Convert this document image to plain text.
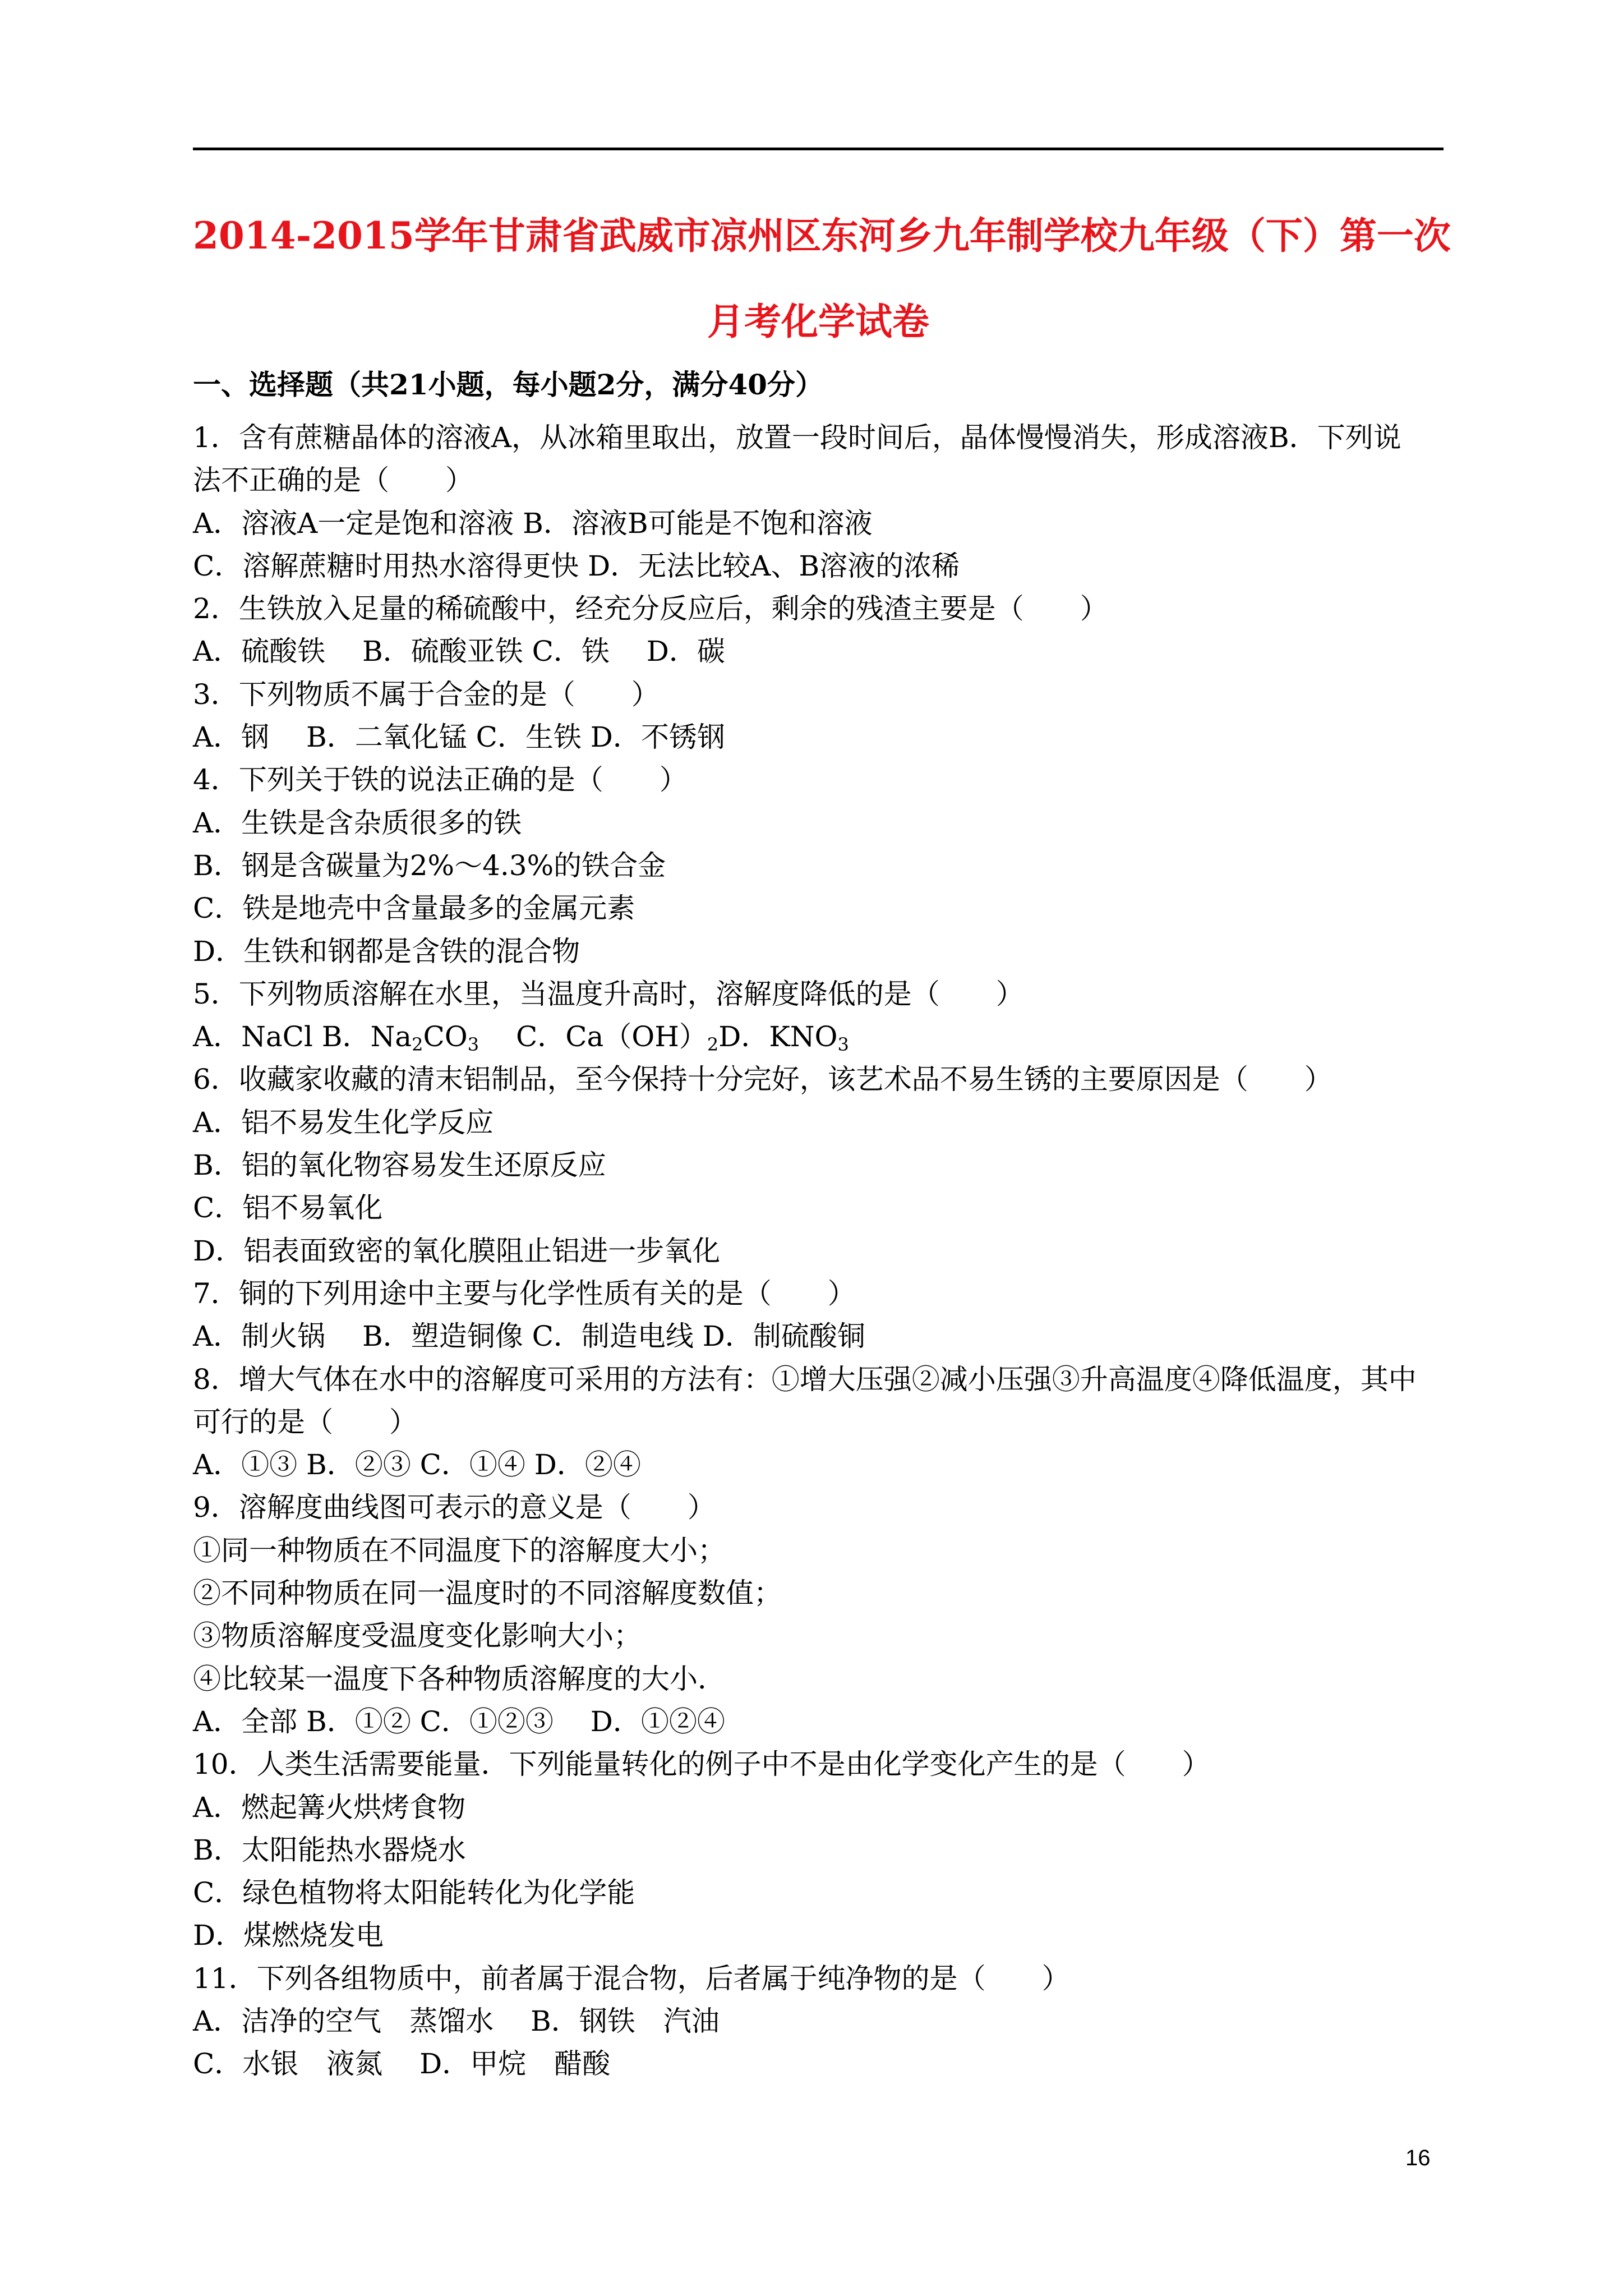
2014-2015学年甘肃省武威市凉州区东河乡九年制学校九年级（下）第一次
月考化学试卷
一、选择题（共21小题，每小题2分，满分40分）
1．含有蔗糖晶体的溶液A，从冰箱里取出，放置一段时间后，晶体慢慢消失，形成溶液B．下列说
法不正确的是（　　）
A．溶液A一定是饱和溶液 B．溶液B可能是不饱和溶液
C．溶解蔗糖时用热水溶得更快 D．无法比较A、B溶液的浓稀
2．生铁放入足量的稀硫酸中，经充分反应后，剩余的残渣主要是（　　）
A．硫酸铁　 B．硫酸亚铁 C．铁　 D．碳
3．下列物质不属于合金的是（　　）
A．钢　 B．二氧化锰 C．生铁 D．不锈钢
4．下列关于铁的说法正确的是（　　）
A．生铁是含杂质很多的铁
B．钢是含碳量为2%～4.3%的铁合金
C．铁是地壳中含量最多的金属元素
D．生铁和钢都是含铁的混合物
5．下列物质溶解在水里，当温度升高时，溶解度降低的是（　　）
A．NaCl B．$Na_2CO_3$　 C．$Ca(OH)_2D$．$KNO_3$
6．收藏家收藏的清末铝制品，至今保持十分完好，该艺术品不易生锈的主要原因是（　　）
A．铝不易发生化学反应
B．铝的氧化物容易发生还原反应
C．铝不易氧化
D．铝表面致密的氧化膜阻止铝进一步氧化
7．铜的下列用途中主要与化学性质有关的是（　　）
A．制火锅　 B．塑造铜像 C．制造电线 D．制硫酸铜
8．增大气体在水中的溶解度可采用的方法有：①增大压强②减小压强③升高温度④降低温度，其中
可行的是（　　）
A．①③ B．②③ C．①④ D．②④
9．溶解度曲线图可表示的意义是（　　）
①同一种物质在不同温度下的溶解度大小；
②不同种物质在同一温度时的不同溶解度数值；
③物质溶解度受温度变化影响大小；
④比较某一温度下各种物质溶解度的大小．
A．全部 B．①② C．①②③　 D．①②④
10．人类生活需要能量．下列能量转化的例子中不是由化学变化产生的是（　　）
A．燃起篝火烘烤食物
B．太阳能热水器烧水
C．绿色植物将太阳能转化为化学能
D．煤燃烧发电
11．下列各组物质中，前者属于混合物，后者属于纯净物的是（　　）
A．洁净的空气　蒸馏水　 B．钢铁　汽油
C．水银　液氮　 D．甲烷　醋酸
16
